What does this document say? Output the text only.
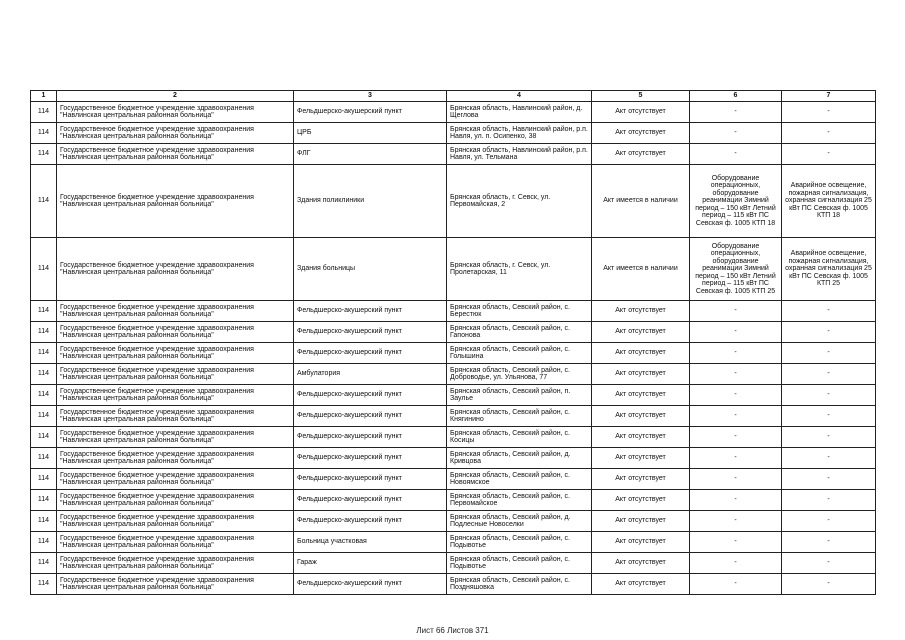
1	2	3	4	5	6	7
114	Государственное бюджетное учреждение здравоохранения "Навлинская центральная районная больница"	Фельдшерско-акушерский пункт	Брянская область, Навлинский район, д. Щеглова	Акт отсутствует	-	-
114	Государственное бюджетное учреждение здравоохранения "Навлинская центральная районная больница"	ЦРБ	Брянская область, Навлинский район, р.п. Навля, ул. п. Осипенко, 38	Акт отсутствует	-	-
114	Государственное бюджетное учреждение здравоохранения "Навлинская центральная районная больница"	ФЛГ	Брянская область, Навлинский район, р.п. Навля, ул. Тельмана	Акт отсутствует	-	-
114	Государственное бюджетное учреждение здравоохранения "Навлинская центральная районная больница"	Здания поликлиники	Брянская область, г. Севск, ул. Первомайская, 2	Акт имеется в наличии	Оборудование операционных, оборудование реанимации Зимний период – 150 кВт Летний период – 115 кВт ПС Севская ф. 1005 КТП 18	Аварийное освещение, пожарная сигнализация, охранная сигнализация 25 кВт ПС Севская ф. 1005 КТП 18
114	Государственное бюджетное учреждение здравоохранения "Навлинская центральная районная больница"	Здания больницы	Брянская область, г. Севск, ул. Пролетарская, 11	Акт имеется в наличии	Оборудование операционных, оборудование реанимации Зимний период – 150 кВт Летний период – 115 кВт ПС Севская ф. 1005 КТП 25	Аварийное освещение, пожарная сигнализация, охранная сигнализация 25 кВт ПС Севская ф. 1005 КТП 25
114	Государственное бюджетное учреждение здравоохранения "Навлинская центральная районная больница"	Фельдшерско-акушерский пункт	Брянская область, Севский район, с. Берестюк	Акт отсутствует	-	-
114	Государственное бюджетное учреждение здравоохранения "Навлинская центральная районная больница"	Фельдшерско-акушерский пункт	Брянская область, Севский район, с. Гапонова	Акт отсутствует	-	-
114	Государственное бюджетное учреждение здравоохранения "Навлинская центральная районная больница"	Фельдшерско-акушерский пункт	Брянская область, Севский район, с. Голышина	Акт отсутствует	-	-
114	Государственное бюджетное учреждение здравоохранения "Навлинская центральная районная больница"	Амбулатория	Брянская область, Севский район, с. Доброводье, ул. Ульянова, 77	Акт отсутствует	-	-
114	Государственное бюджетное учреждение здравоохранения "Навлинская центральная районная больница"	Фельдшерско-акушерский пункт	Брянская область, Севский район, п. Заулье	Акт отсутствует	-	-
114	Государственное бюджетное учреждение здравоохранения "Навлинская центральная районная больница"	Фельдшерско-акушерский пункт	Брянская область, Севский район, с. Княгинино	Акт отсутствует	-	-
114	Государственное бюджетное учреждение здравоохранения "Навлинская центральная районная больница"	Фельдшерско-акушерский пункт	Брянская область, Севский район, с. Косицы	Акт отсутствует	-	-
114	Государственное бюджетное учреждение здравоохранения "Навлинская центральная районная больница"	Фельдшерско-акушерский пункт	Брянская область, Севский район, д. Кривцова	Акт отсутствует	-	-
114	Государственное бюджетное учреждение здравоохранения "Навлинская центральная районная больница"	Фельдшерско-акушерский пункт	Брянская область, Севский район, с. Новоямское	Акт отсутствует	-	-
114	Государственное бюджетное учреждение здравоохранения "Навлинская центральная районная больница"	Фельдшерско-акушерский пункт	Брянская область, Севский район, с. Первомайское	Акт отсутствует	-	-
114	Государственное бюджетное учреждение здравоохранения "Навлинская центральная районная больница"	Фельдшерско-акушерский пункт	Брянская область, Севский район, д. Подлесные Новоселки	Акт отсутствует	-	-
114	Государственное бюджетное учреждение здравоохранения "Навлинская центральная районная больница"	Больница участковая	Брянская область, Севский район, с. Подывотье	Акт отсутствует	-	-
114	Государственное бюджетное учреждение здравоохранения "Навлинская центральная районная больница"	Гараж	Брянская область, Севский район, с. Подывотье	Акт отсутствует	-	-
114	Государственное бюджетное учреждение здравоохранения "Навлинская центральная районная больница"	Фельдшерско-акушерский пункт	Брянская область, Севский район, с. Поздняшовка	Акт отсутствует	-	-
Лист 66 Листов 371
